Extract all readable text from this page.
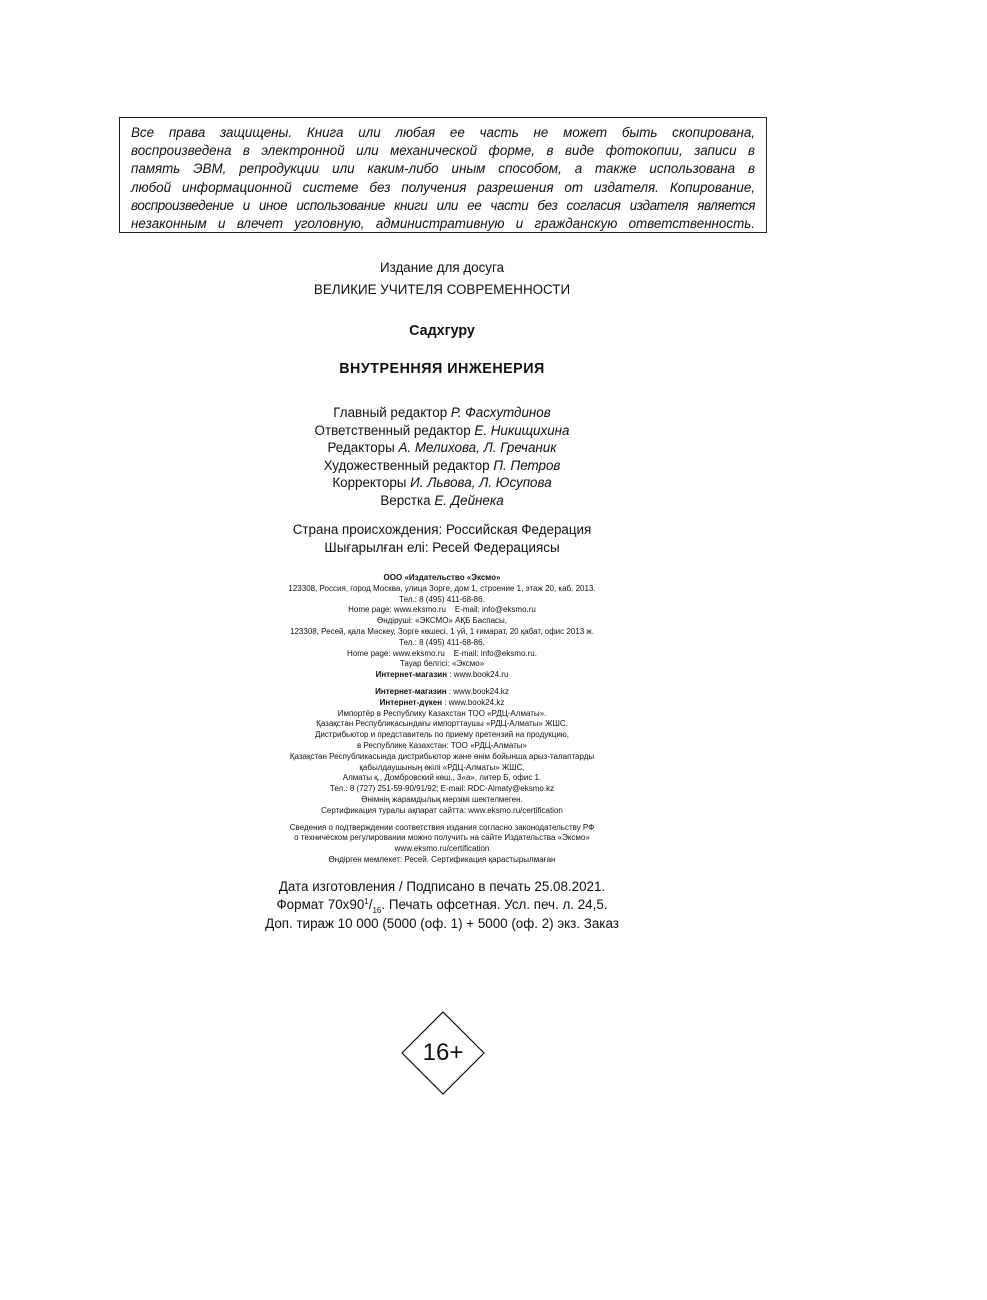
Все права защищены. Книга или любая ее часть не может быть скопирована,
воспроизведена в электронной или механической форме, в виде фотокопии, записи в
память ЭВМ, репродукции или каким-либо иным способом, а также использована в
любой информационной системе без получения разрешения от издателя. Копирование,
воспроизведение и иное использование книги или ее части без согласия издателя является
незаконным и влечет уголовную, административную и гражданскую ответственность.
Издание для досуга
ВЕЛИКИЕ УЧИТЕЛЯ СОВРЕМЕННОСТИ
Садхгуру
ВНУТРЕННЯЯ ИНЖЕНЕРИЯ
Главный редактор Р. Фасхутдинов
Ответственный редактор Е. Никищихина
Редакторы А. Мелихова, Л. Гречаник
Художественный редактор П. Петров
Корректоры И. Львова, Л. Юсупова
Верстка Е. Дейнека
Страна происхождения: Российская Федерация
Шығарылған елі: Ресей Федерациясы
ООО «Издательство «Эксмо»
123308, Россия, город Москва, улица Зорге, дом 1, строение 1, этаж 20, каб. 2013.
Тел.: 8 (495) 411-68-86.
Home page: www.eksmo.ru    E-mail: info@eksmo.ru
Өндіруші: «ЭКСМО» АҚБ Баспасы,
123308, Ресей, қала Мәскеу, Зорге көшесі, 1 үй, 1 ғимарат, 20 қабат, офис 2013 ж.
Тел.: 8 (495) 411-68-86.
Home page: www.eksmo.ru    E-mail: info@eksmo.ru.
Тауар белгісі: «Эксмо»
Интернет-магазин : www.book24.ru
Интернет-магазин : www.book24.kz
Интернет-дүкен : www.book24.kz
Импортёр в Республику Казахстан ТОО «РДЦ-Алматы».
Қазақстан Республикасындағы импорттаушы «РДЦ-Алматы» ЖШС.
Дистрибьютор и представитель по приему претензий на продукцию,
в Республике Казахстан: ТОО «РДЦ-Алматы»
Қазақстан Республикасында дистрибьютор және өнім бойынша арыз-талаптарды
қабылдаушының өкілі «РДЦ-Алматы» ЖШС,
Алматы қ., Домбровский көш., 3«а», литер Б, офис 1.
Тел.: 8 (727) 251-59-90/91/92; E-mail: RDC-Almaty@eksmo.kz
Өнімнің жарамдылық мерзімі шектелмеген.
Сертификация туралы ақпарат сайтта: www.eksmo.ru/certification
Сведения о подтверждении соответствия издания согласно законодательству РФ
о техническом регулировании можно получить на сайте Издательства «Эксмо»
www.eksmo.ru/certification
Өндірген мемлекет: Ресей. Сертификация қарастырылмаған
Дата изготовления / Подписано в печать 25.08.2021.
Формат $70х90^1/_{16}$. Печать офсетная. Усл. печ. л. 24,5.
Доп. тираж 10 000 (5000 (оф. 1) + 5000 (оф. 2) экз. Заказ
16+
